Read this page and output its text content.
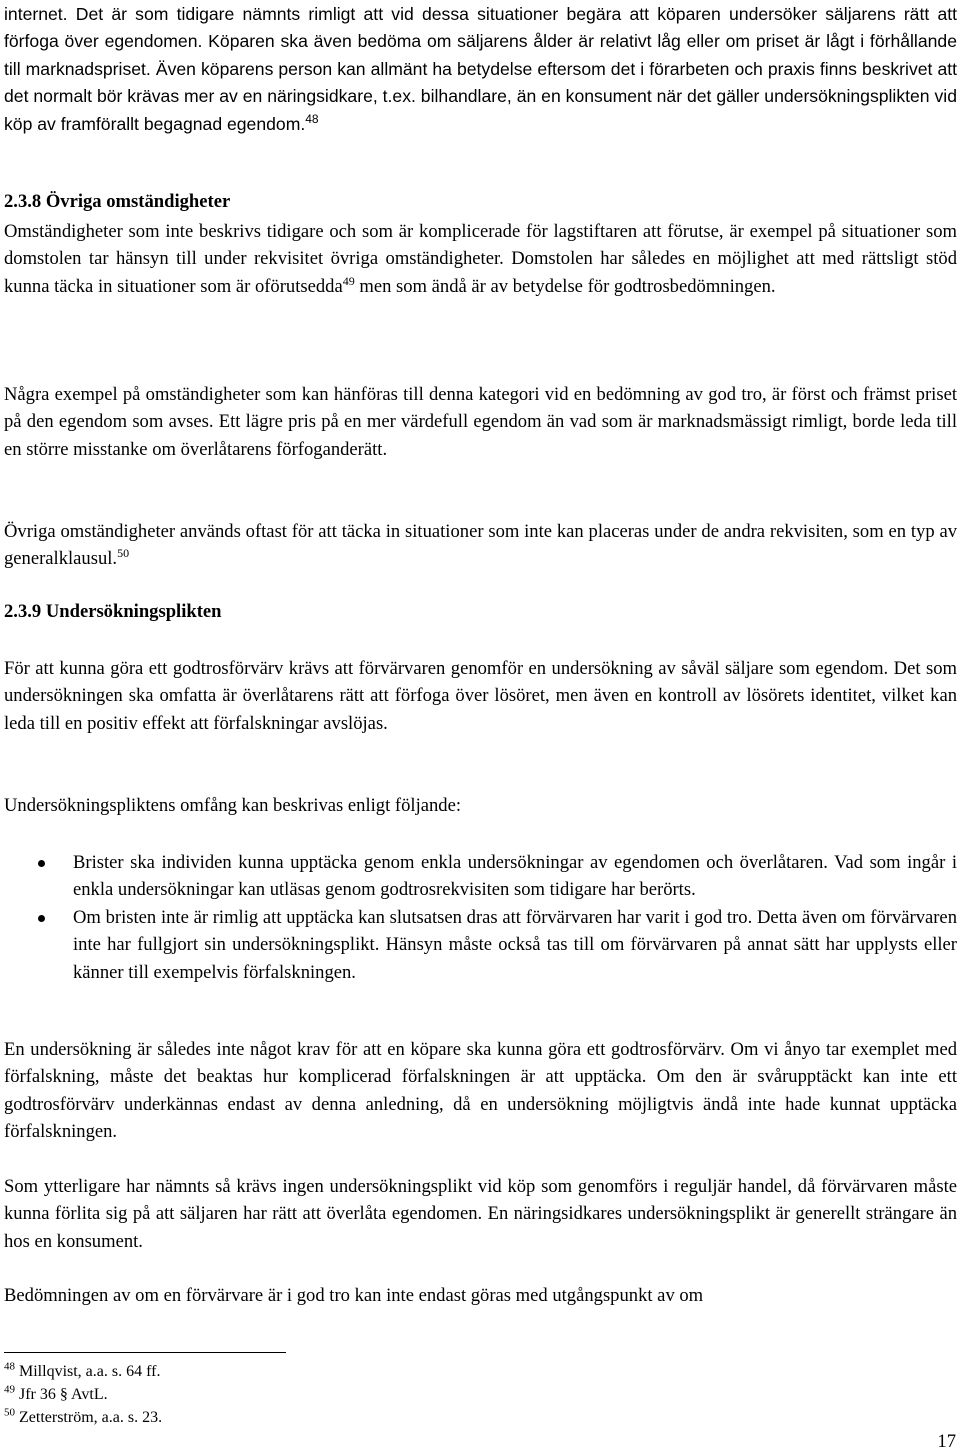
internet. Det är som tidigare nämnts rimligt att vid dessa situationer begära att köparen undersöker säljarens rätt att förfoga över egendomen. Köparen ska även bedöma om säljarens ålder är relativt låg eller om priset är lågt i förhållande till marknadspriset. Även köparens person kan allmänt ha betydelse eftersom det i förarbeten och praxis finns beskrivet att det normalt bör krävas mer av en näringsidkare, t.ex. bilhandlare, än en konsument när det gäller undersökningsplikten vid köp av framförallt begagnad egendom.$^{48}$

2.3.8 Övriga omständigheter

Omständigheter som inte beskrivs tidigare och som är komplicerade för lagstiftaren att förutse, är exempel på situationer som domstolen tar hänsyn till under rekvisitet övriga omständigheter. Domstolen har således en möjlighet att med rättsligt stöd kunna täcka in situationer som är oförutsedda$^{49}$ men som ändå är av betydelse för godtrosbedömningen.

Några exempel på omständigheter som kan hänföras till denna kategori vid en bedömning av god tro, är först och främst priset på den egendom som avses. Ett lägre pris på en mer värdefull egendom än vad som är marknadsmässigt rimligt, borde leda till en större misstanke om överlåtarens förfoganderätt.

Övriga omständigheter används oftast för att täcka in situationer som inte kan placeras under de andra rekvisiten, som en typ av generalklausul.$^{50}$

2.3.9 Undersökningsplikten

För att kunna göra ett godtrosförvärv krävs att förvärvaren genomför en undersökning av såväl säljare som egendom. Det som undersökningen ska omfatta är överlåtarens rätt att förfoga över lösöret, men även en kontroll av lösörets identitet, vilket kan leda till en positiv effekt att förfalskningar avslöjas.

Undersökningspliktens omfång kan beskrivas enligt följande:

Brister ska individen kunna upptäcka genom enkla undersökningar av egendomen och överlåtaren. Vad som ingår i enkla undersökningar kan utläsas genom godtrosrekvisiten som tidigare har berörts.
Om bristen inte är rimlig att upptäcka kan slutsatsen dras att förvärvaren har varit i god tro. Detta även om förvärvaren inte har fullgjort sin undersökningsplikt. Hänsyn måste också tas till om förvärvaren på annat sätt har upplysts eller känner till exempelvis förfalskningen.

En undersökning är således inte något krav för att en köpare ska kunna göra ett godtrosförvärv. Om vi ånyo tar exemplet med förfalskning, måste det beaktas hur komplicerad förfalskningen är att upptäcka. Om den är svårupptäckt kan inte ett godtrosförvärv underkännas endast av denna anledning, då en undersökning möjligtvis ändå inte hade kunnat upptäcka förfalskningen.

Som ytterligare har nämnts så krävs ingen undersökningsplikt vid köp som genomförs i reguljär handel, då förvärvaren måste kunna förlita sig på att säljaren har rätt att överlåta egendomen. En näringsidkares undersökningsplikt är generellt strängare än hos en konsument.

Bedömningen av om en förvärvare är i god tro kan inte endast göras med utgångspunkt av om

$^{48}$ Millqvist, a.a. s. 64 ff.

$^{49}$ Jfr 36 § AvtL.

$^{50}$ Zetterström, a.a. s. 23.

17
